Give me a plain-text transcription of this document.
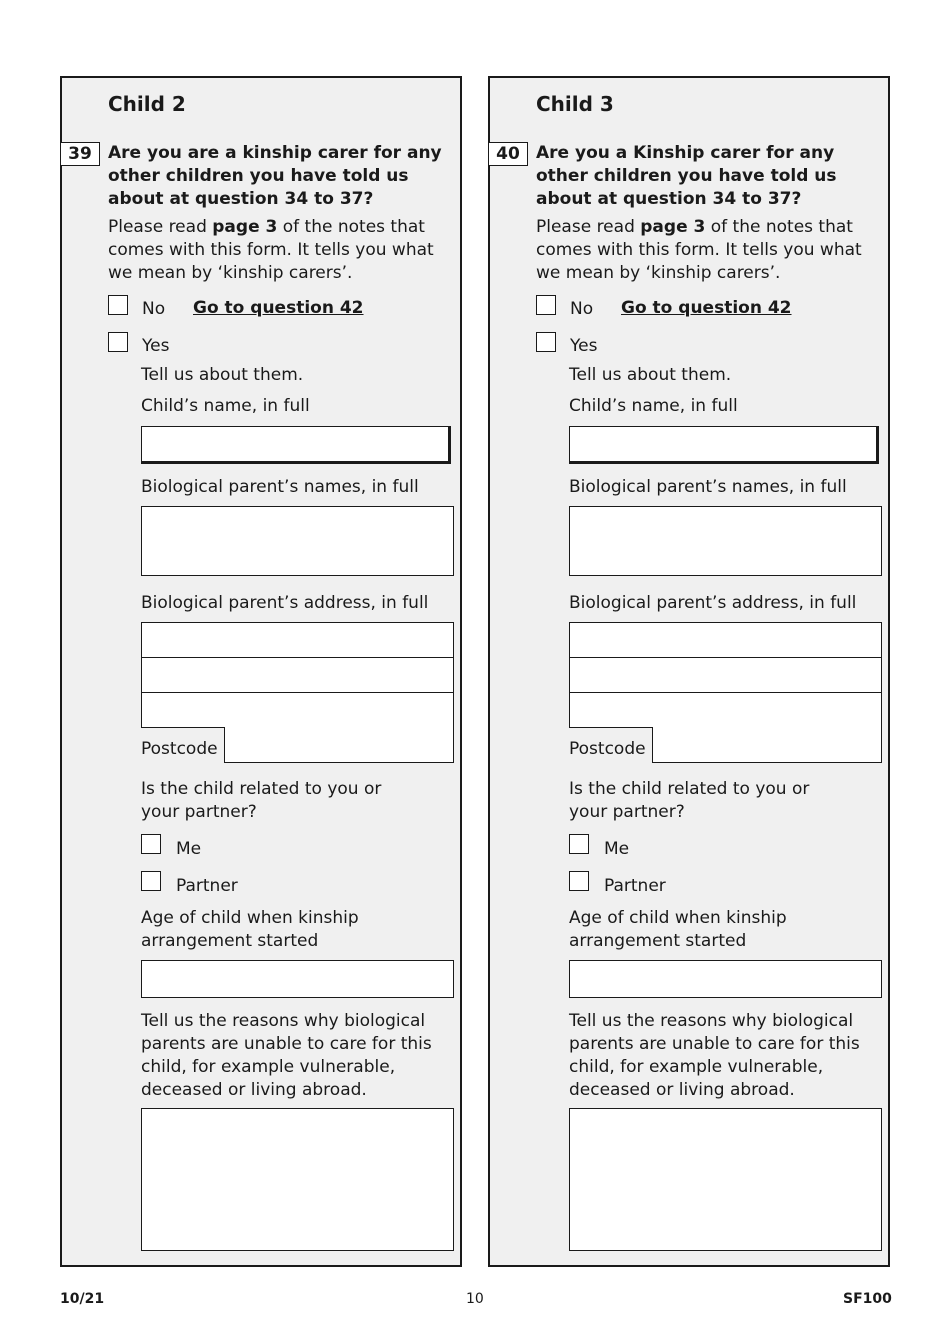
Child 2
39 Are you are a kinship carer for any other children you have told us about at question 34 to 37?
Please read page 3 of the notes that comes with this form. It tells you what we mean by ‘kinship carers’.
No Go to question 42
Yes
Tell us about them.
Child’s name, in full
Biological parent’s names, in full
Biological parent’s address, in full
Postcode
Is the child related to you or your partner?
Me
Partner
Age of child when kinship arrangement started
Tell us the reasons why biological parents are unable to care for this child, for example vulnerable, deceased or living abroad.
Child 3
40 Are you a Kinship carer for any other children you have told us about at question 34 to 37?
Please read page 3 of the notes that comes with this form. It tells you what we mean by ‘kinship carers’.
No Go to question 42
Yes
Tell us about them.
Child’s name, in full
Biological parent’s names, in full
Biological parent’s address, in full
Postcode
Is the child related to you or your partner?
Me
Partner
Age of child when kinship arrangement started
Tell us the reasons why biological parents are unable to care for this child, for example vulnerable, deceased or living abroad.
10/21	10	SF100
